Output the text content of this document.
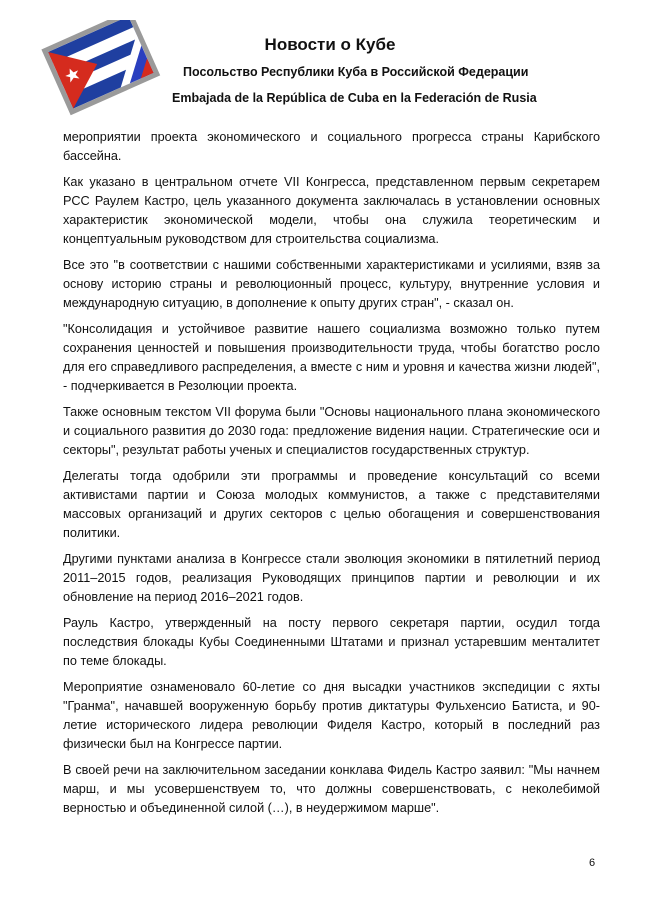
Новости о Кубе
Посольство Республики Куба в Российской Федерации
Embajada de la República de Cuba en la Federación de Rusia

мероприятии проекта экономического и социального прогресса страны Карибского бассейна.

Как указано в центральном отчете VII Конгресса, представленном первым секретарем РСС Раулем Кастро, цель указанного документа заключалась в установлении основных характеристик экономической модели, чтобы она служила теоретическим и концептуальным руководством для строительства социализма.

Все это "в соответствии с нашими собственными характеристиками и усилиями, взяв за основу историю страны и революционный процесс, культуру, внутренние условия и международную ситуацию, в дополнение к опыту других стран", - сказал он.

"Консолидация и устойчивое развитие нашего социализма возможно только путем сохранения ценностей и повышения производительности труда, чтобы богатство росло для его справедливого распределения, а вместе с ним и уровня и качества жизни людей", - подчеркивается в Резолюции проекта.

Также основным текстом VII форума были "Основы национального плана экономического и социального развития до 2030 года: предложение видения нации. Стратегические оси и секторы", результат работы ученых и специалистов государственных структур.

Делегаты тогда одобрили эти программы и проведение консультаций со всеми активистами партии и Союза молодых коммунистов, а также с представителями массовых организаций и других секторов с целью обогащения и совершенствования политики.

Другими пунктами анализа в Конгрессе стали эволюция экономики в пятилетний период 2011–2015 годов, реализация Руководящих принципов партии и революции и их обновление на период 2016–2021 годов.

Рауль Кастро, утвержденный на посту первого секретаря партии, осудил тогда последствия блокады Кубы Соединенными Штатами и признал устаревшим менталитет по теме блокады.

Мероприятие ознаменовало 60-летие со дня высадки участников экспедиции с яхты "Гранма", начавшей вооруженную борьбу против диктатуры Фульхенсио Батиста, и 90-летие исторического лидера революции Фиделя Кастро, который в последний раз физически был на Конгрессе партии.

В своей речи на заключительном заседании конклава Фидель Кастро заявил: "Мы начнем марш, и мы усовершенствуем то, что должны совершенствовать, с неколебимой верностью и объединенной силой (…), в неудержимом марше".

6
